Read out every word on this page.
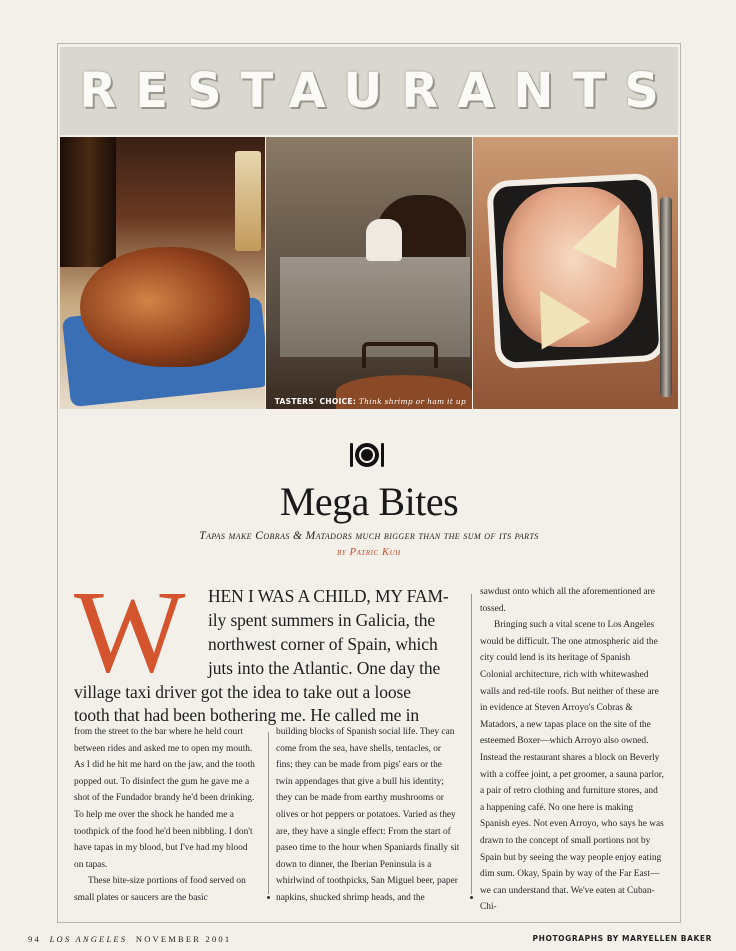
RESTAURANTS
TASTERS' CHOICE: Think shrimp or ham it up
Mega Bites
Tapas make Cobras & Matadors much bigger than the sum of its parts
by Patric Kuh
W HEN I WAS A CHILD, MY FAM-
ily spent summers in Galicia, the
northwest corner of Spain, which
juts into the Atlantic. One day the
village taxi driver got the idea to take out a loose
tooth that had been bothering me. He called me in

from the street to the bar where he held court between rides and asked me to open my mouth. As I did he hit me hard on the jaw, and the tooth popped out. To disinfect the gum he gave me a shot of the Fundador brandy he'd been drinking. To help me over the shock he handed me a toothpick of the food he'd been nibbling. I don't have tapas in my blood, but I've had my blood on tapas.

These bite-size portions of food served on small plates or saucers are the basic

building blocks of Spanish social life. They can come from the sea, have shells, tentacles, or fins; they can be made from pigs' ears or the twin appendages that give a bull his identity; they can be made from earthy mushrooms or olives or hot peppers or potatoes. Varied as they are, they have a single effect: From the start of paseo time to the hour when Spaniards finally sit down to dinner, the Iberian Peninsula is a whirlwind of toothpicks, San Miguel beer, paper napkins, shucked shrimp heads, and the

sawdust onto which all the aforementioned are tossed.

Bringing such a vital scene to Los Angeles would be difficult. The one atmospheric aid the city could lend is its heritage of Spanish Colonial architecture, rich with whitewashed walls and red-tile roofs. But neither of these are in evidence at Steven Arroyo's Cobras & Matadors, a new tapas place on the site of the esteemed Boxer—which Arroyo also owned. Instead the restaurant shares a block on Beverly with a coffee joint, a pet groomer, a sauna parlor, a pair of retro clothing and furniture stores, and a happening café. No one here is making Spanish eyes. Not even Arroyo, who says he was drawn to the concept of small portions not by Spain but by seeing the way people enjoy eating dim sum. Okay, Spain by way of the Far East—we can understand that. We've eaten at Cuban-Chi-

94 LOS ANGELES NOVEMBER 2001	PHOTOGRAPHS BY MARYELLEN BAKER
